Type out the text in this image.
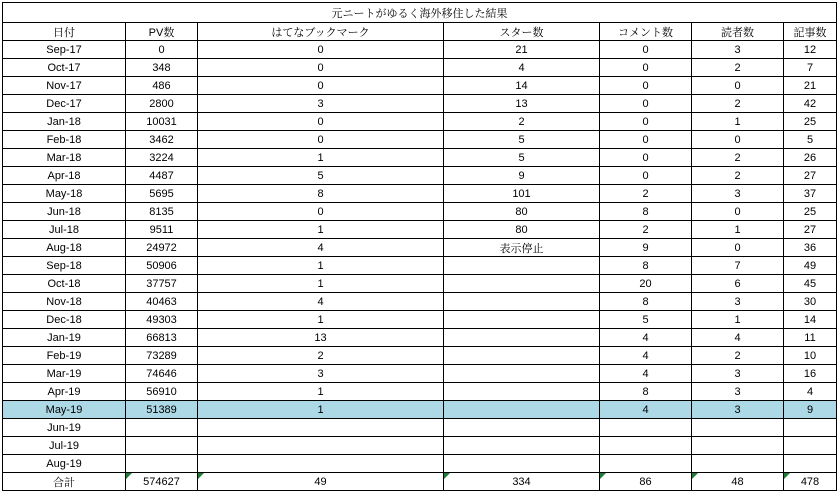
元ニートがゆるく海外移住した結果						
日付	PV数	はてなブックマーク	スター数	コメント数	読者数	記事数
Sep-17	0	0	21	0	3	12
Oct-17	348	0	4	0	2	7
Nov-17	486	0	14	0	0	21
Dec-17	2800	3	13	0	2	42
Jan-18	10031	0	2	0	1	25
Feb-18	3462	0	5	0	0	5
Mar-18	3224	1	5	0	2	26
Apr-18	4487	5	9	0	2	27
May-18	5695	8	101	2	3	37
Jun-18	8135	0	80	8	0	25
Jul-18	9511	1	80	2	1	27
Aug-18	24972	4	表示停止	9	0	36
Sep-18	50906	1		8	7	49
Oct-18	37757	1		20	6	45
Nov-18	40463	4		8	3	30
Dec-18	49303	1		5	1	14
Jan-19	66813	13		4	4	11
Feb-19	73289	2		4	2	10
Mar-19	74646	3		4	3	16
Apr-19	56910	1		8	3	4
May-19	51389	1		4	3	9
Jun-19						
Jul-19						
Aug-19						
合計	574627	49	334	86	48	478
